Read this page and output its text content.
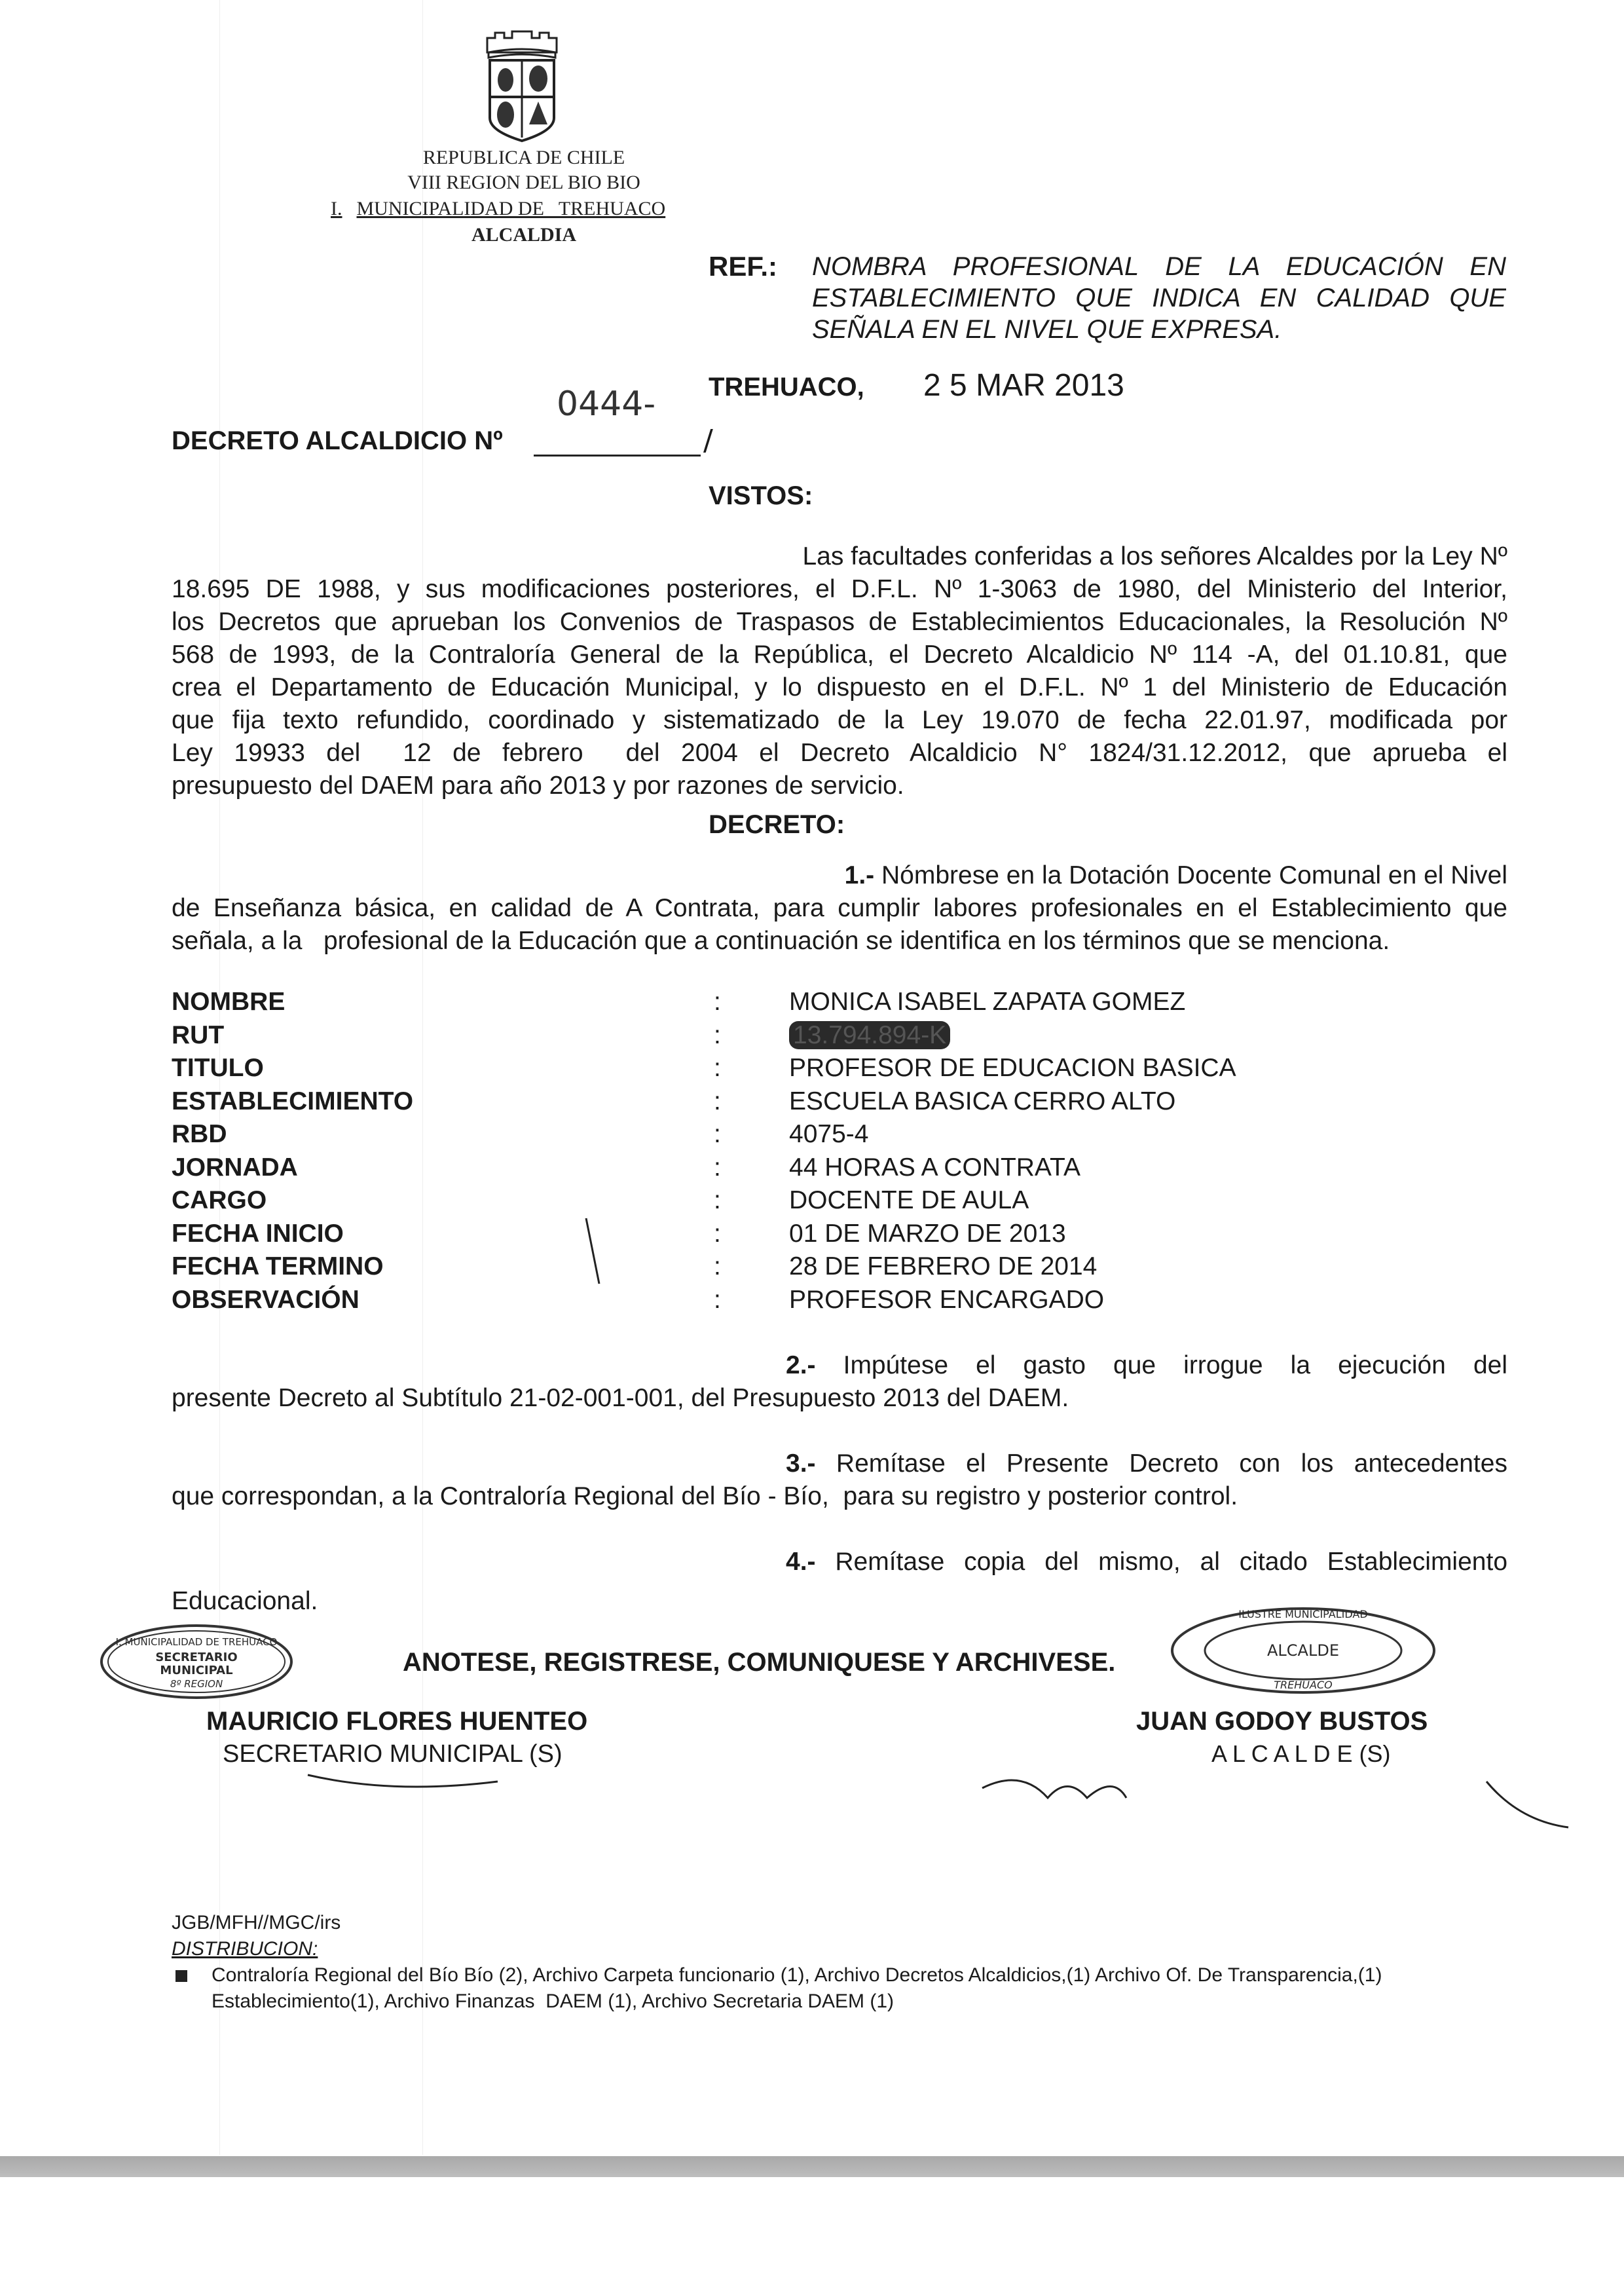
REPUBLICA DE CHILE
VIII REGION DEL BIO BIO
I. MUNICIPALIDAD DE   TREHUACO
ALCALDIA
REF.: NOMBRA PROFESIONAL DE LA EDUCACIÓN EN
ESTABLECIMIENTO QUE INDICA EN CALIDAD QUE
SEÑALA EN EL NIVEL QUE EXPRESA.
TREHUACO, 2 5 MAR 2013
DECRETO ALCALDICIO Nº
0444-
/
VISTOS:
Las facultades conferidas a los señores Alcaldes por la Ley Nº
18.695 DE 1988, y sus modificaciones posteriores, el D.F.L. Nº 1-3063 de 1980, del Ministerio del Interior,
los Decretos que aprueban los Convenios de Traspasos de Establecimientos Educacionales, la Resolución Nº
568 de 1993, de la Contraloría General de la República, el Decreto Alcaldicio Nº 114 -A, del 01.10.81, que
crea el Departamento de Educación Municipal, y lo dispuesto en el D.F.L. Nº 1 del Ministerio de Educación
que fija texto refundido, coordinado y sistematizado de la Ley 19.070 de fecha 22.01.97, modificada por
Ley  19933  del    12  de  febrero    del  2004  el  Decreto  Alcaldicio  N°  1824/31.12.2012,  que  aprueba  el
presupuesto del DAEM para año 2013 y por razones de servicio.
DECRETO:
1.- Nómbrese en la Dotación Docente Comunal en el Nivel
de Enseñanza básica, en calidad de A Contrata, para cumplir labores profesionales en el Establecimiento que
señala, a la   profesional de la Educación que a continuación se identifica en los términos que se menciona.
NOMBRE	:	MONICA ISABEL ZAPATA GOMEZ
RUT	:	13.794.894-K
TITULO	:	PROFESOR DE EDUCACION BASICA
ESTABLECIMIENTO	:	ESCUELA BASICA CERRO ALTO
RBD	:	4075-4
JORNADA	:	44 HORAS A CONTRATA
CARGO	:	DOCENTE DE AULA
FECHA INICIO	:	01 DE MARZO DE 2013
FECHA TERMINO	:	28 DE FEBRERO DE 2014
OBSERVACIÓN	:	PROFESOR ENCARGADO
2.- Impútese el gasto que irrogue la ejecución del
presente Decreto al Subtítulo 21-02-001-001, del Presupuesto 2013 del DAEM.
3.- Remítase el Presente Decreto con los antecedentes
que correspondan, a la Contraloría Regional del Bío - Bío,  para su registro y posterior control.
4.- Remítase copia del mismo, al citado Establecimiento
Educacional.
I. MUNICIPALIDAD DE TREHUACO
SECRETARIO
MUNICIPAL
8º REGION
ANOTESE, REGISTRESE, COMUNIQUESE Y ARCHIVESE.
ILUSTRE MUNICIPALIDAD
ALCALDE
TREHUACO
MAURICIO FLORES HUENTEO
SECRETARIO MUNICIPAL (S)
JUAN GODOY BUSTOS
A L C A L D E (S)
JGB/MFH//MGC/irs
DISTRIBUCION:
Contraloría Regional del Bío Bío (2), Archivo Carpeta funcionario (1), Archivo Decretos Alcaldicios,(1) Archivo Of. De Transparencia,(1)
Establecimiento(1), Archivo Finanzas  DAEM (1), Archivo Secretaria DAEM (1)
